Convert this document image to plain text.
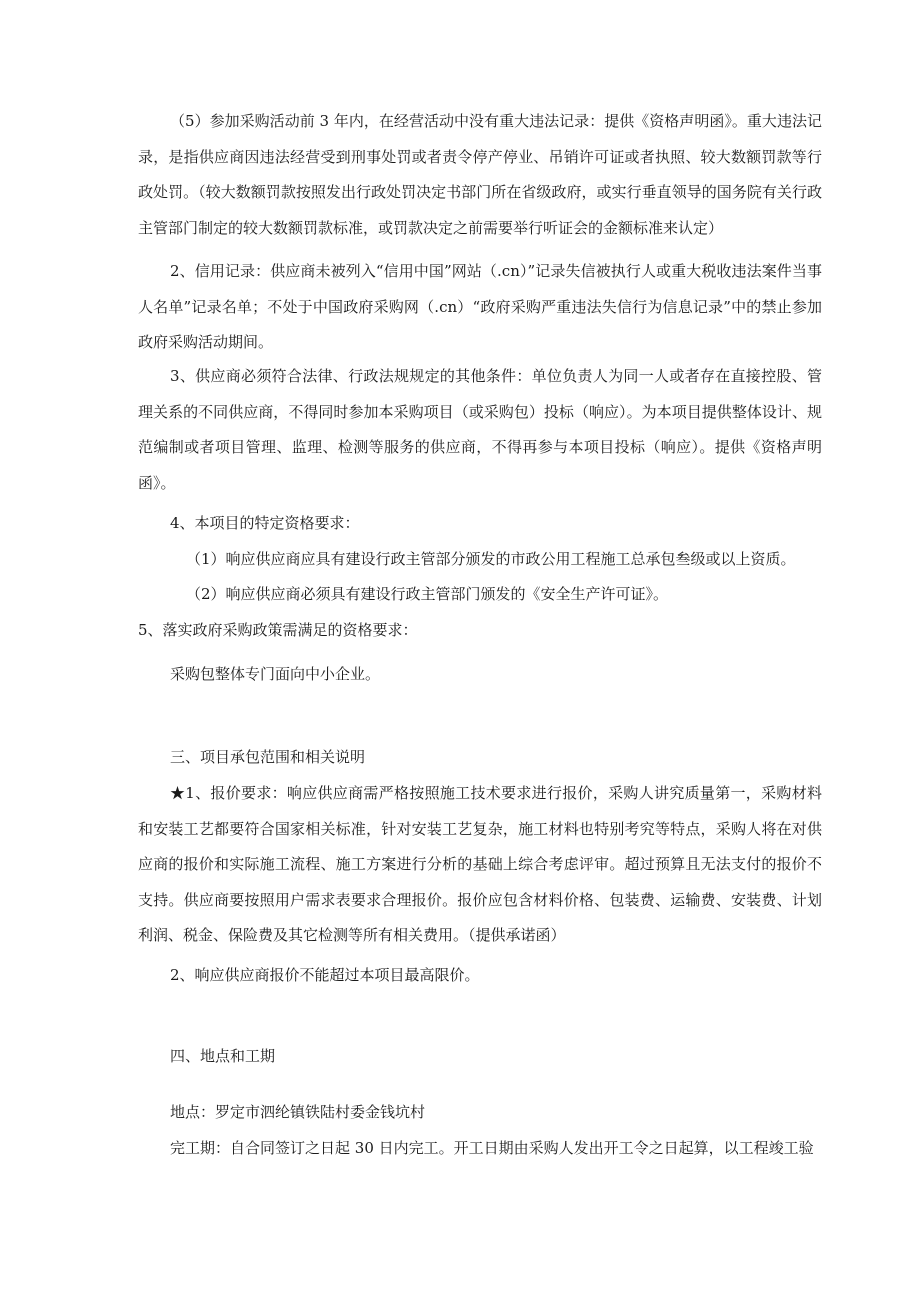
（5）参加采购活动前 3 年内，在经营活动中没有重大违法记录：提供《资格声明函》。重大违法记录，是指供应商因违法经营受到刑事处罚或者责令停产停业、吊销许可证或者执照、较大数额罚款等行政处罚。（较大数额罚款按照发出行政处罚决定书部门所在省级政府，或实行垂直领导的国务院有关行政主管部门制定的较大数额罚款标准，或罚款决定之前需要举行听证会的金额标准来认定）

2、信用记录：供应商未被列入“信用中国”网站（.cn）”记录失信被执行人或重大税收违法案件当事人名单”记录名单；不处于中国政府采购网（.cn）“政府采购严重违法失信行为信息记录”中的禁止参加政府采购活动期间。

3、供应商必须符合法律、行政法规规定的其他条件：单位负责人为同一人或者存在直接控股、管理关系的不同供应商，不得同时参加本采购项目（或采购包）投标（响应）。为本项目提供整体设计、规范编制或者项目管理、监理、检测等服务的供应商，不得再参与本项目投标（响应）。提供《资格声明函》。

4、本项目的特定资格要求：

（1）响应供应商应具有建设行政主管部分颁发的市政公用工程施工总承包叁级或以上资质。

（2）响应供应商必须具有建设行政主管部门颁发的《安全生产许可证》。

5、落实政府采购政策需满足的资格要求：

采购包整体专门面向中小企业。

三、项目承包范围和相关说明

★1、报价要求：响应供应商需严格按照施工技术要求进行报价，采购人讲究质量第一，采购材料和安装工艺都要符合国家相关标准，针对安装工艺复杂，施工材料也特别考究等特点，采购人将在对供应商的报价和实际施工流程、施工方案进行分析的基础上综合考虑评审。超过预算且无法支付的报价不支持。供应商要按照用户需求表要求合理报价。报价应包含材料价格、包装费、运输费、安装费、计划利润、税金、保险费及其它检测等所有相关费用。（提供承诺函）

2、响应供应商报价不能超过本项目最高限价。

四、地点和工期

地点：罗定市泗纶镇铁陆村委金钱坑村

完工期：自合同签订之日起 30 日内完工。开工日期由采购人发出开工令之日起算，以工程竣工验
